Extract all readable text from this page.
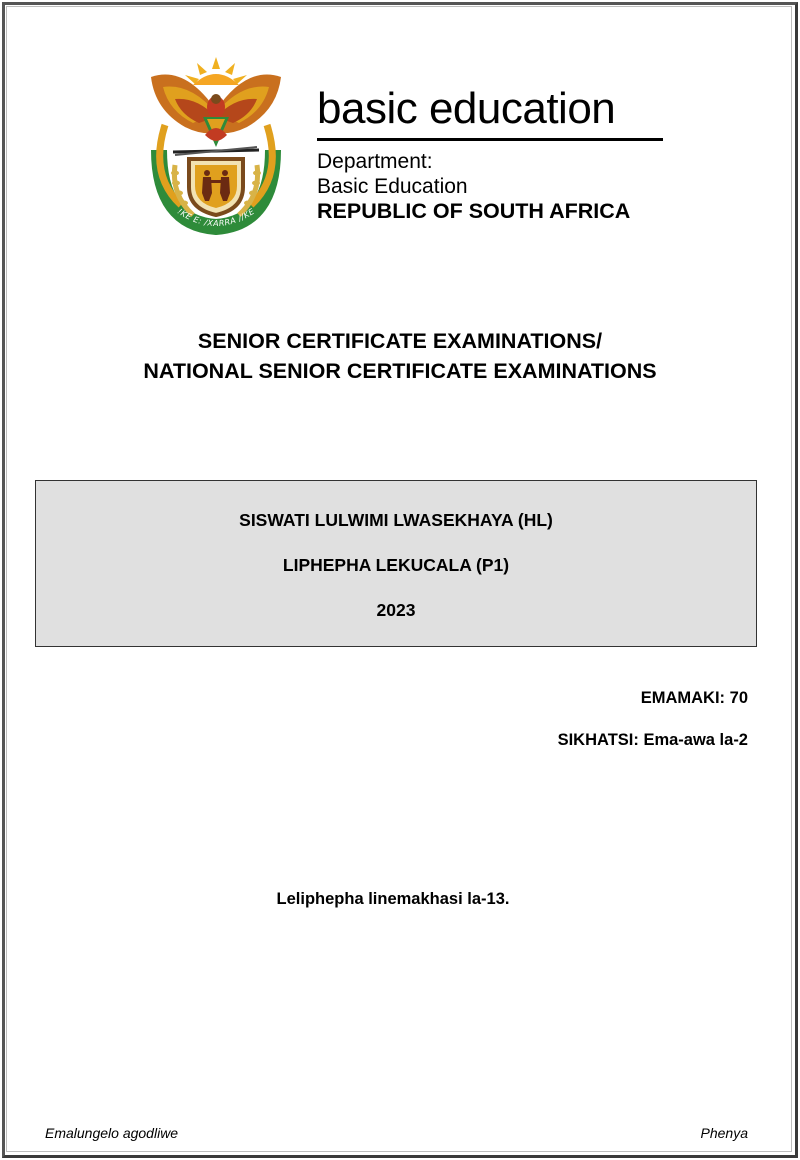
!KE E: /XARRA //KE
basic education
Department:
Basic Education
REPUBLIC OF SOUTH AFRICA
SENIOR CERTIFICATE EXAMINATIONS/
NATIONAL SENIOR CERTIFICATE EXAMINATIONS
SISWATI LULWIMI LWASEKHAYA (HL)
LIPHEPHA LEKUCALA (P1)
2023
EMAMAKI: 70
SIKHATSI: Ema-awa la-2
Leliphepha linemakhasi la-13.
Emalungelo agodliwe	Phenya
